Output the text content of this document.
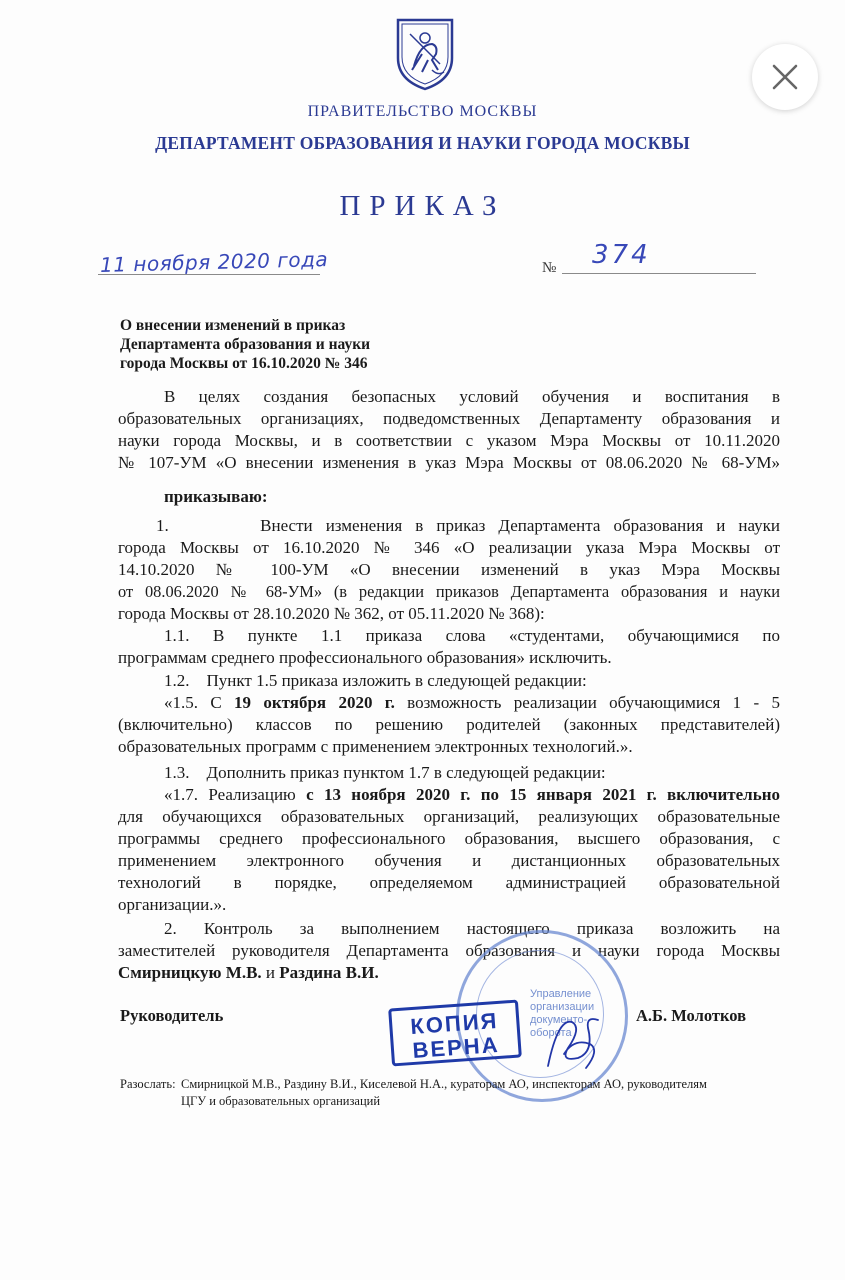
ПРАВИТЕЛЬСТВО МОСКВЫ
ДЕПАРТАМЕНТ ОБРАЗОВАНИЯ И НАУКИ ГОРОДА МОСКВЫ
ПРИКАЗ
11 ноября 2020 года	№ 374
О внесении изменений в приказ
Департамента образования и науки
города Москвы от 16.10.2020 № 346
В целях создания безопасных условий обучения и воспитания в
образовательных организациях, подведомственных Департаменту образования и
науки города Москвы, и в соответствии с указом Мэра Москвы от 10.11.2020
№ 107-УМ «О внесении изменения в указ Мэра Москвы от 08.06.2020 № 68-УМ»
приказываю:
1.       Внести изменения в приказ Департамента образования и науки
города Москвы от 16.10.2020 № 346 «О реализации указа Мэра Москвы от
14.10.2020 № 100-УМ «О внесении изменений в указ Мэра Москвы
от 08.06.2020 № 68-УМ» (в редакции приказов Департамента образования и науки
города Москвы от 28.10.2020 № 362, от 05.11.2020 № 368):
1.1. В пункте 1.1 приказа слова «студентами, обучающимися по
программам среднего профессионального образования» исключить.
1.2.    Пункт 1.5 приказа изложить в следующей редакции:
«1.5. С 19 октября 2020 г. возможность реализации обучающимися 1 - 5
(включительно) классов по решению родителей (законных представителей)
образовательных программ с применением электронных технологий.».
1.3.    Дополнить приказ пунктом 1.7 в следующей редакции:
«1.7. Реализацию с 13 ноября 2020 г. по 15 января 2021 г. включительно
для обучающихся образовательных организаций, реализующих образовательные
программы среднего профессионального образования, высшего образования, с
применением электронного обучения и дистанционных образовательных
технологий в порядке, определяемом администрацией образовательной
организации.».
2. Контроль за выполнением настоящего приказа возложить на
заместителей руководителя Департамента образования и науки города Москвы
Смирницкую М.В. и Раздина В.И.
Управление
организации
документо-
оборота
КОПИЯ
ВЕРНА
Руководитель	А.Б. Молотков
Разослать: Смирницкой М.В., Раздину В.И., Киселевой Н.А., кураторам АО, инспекторам АО, руководителям
ЦГУ и образовательных организаций
